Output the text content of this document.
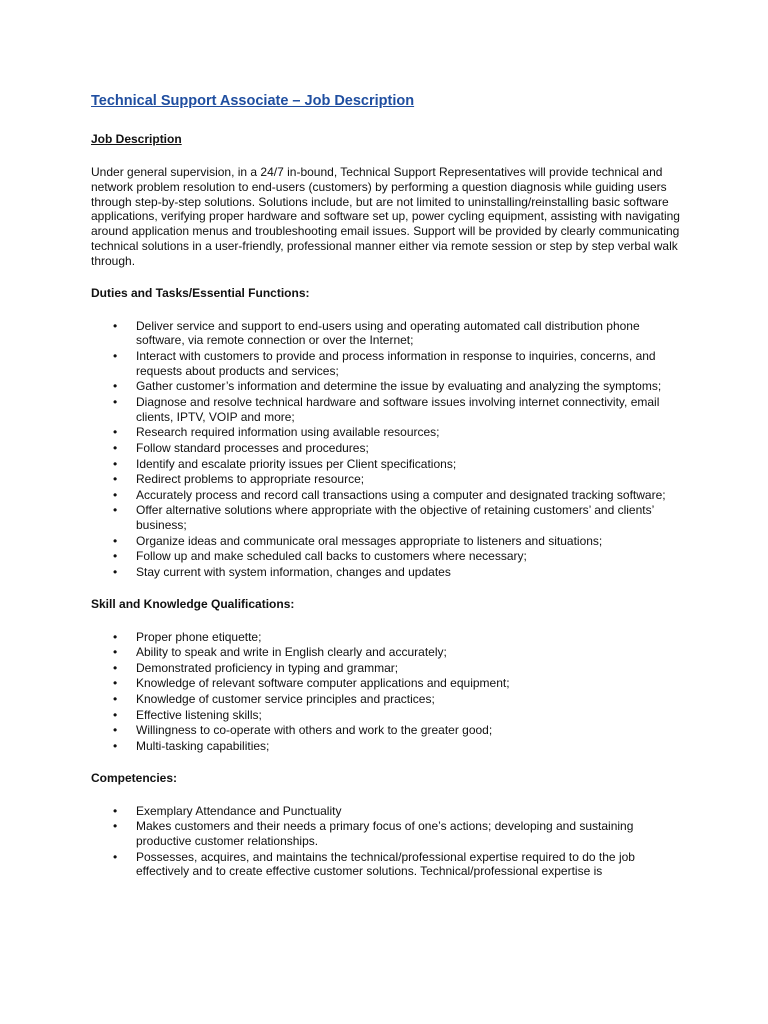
Technical Support Associate – Job Description
Job Description

Under general supervision, in a 24/7 in-bound, Technical Support Representatives will provide technical and network problem resolution to end-users (customers) by performing a question diagnosis while guiding users through step-by-step solutions. Solutions include, but are not limited to uninstalling/reinstalling basic software applications, verifying proper hardware and software set up, power cycling equipment, assisting with navigating around application menus and troubleshooting email issues. Support will be provided by clearly communicating technical solutions in a user-friendly, professional manner either via remote session or step by step verbal walk through.

Duties and Tasks/Essential Functions:
• Deliver service and support to end-users using and operating automated call distribution phone software, via remote connection or over the Internet;
• Interact with customers to provide and process information in response to inquiries, concerns, and requests about products and services;
• Gather customer’s information and determine the issue by evaluating and analyzing the symptoms;
• Diagnose and resolve technical hardware and software issues involving internet connectivity, email clients, IPTV, VOIP and more;
• Research required information using available resources;
• Follow standard processes and procedures;
• Identify and escalate priority issues per Client specifications;
• Redirect problems to appropriate resource;
• Accurately process and record call transactions using a computer and designated tracking software;
• Offer alternative solutions where appropriate with the objective of retaining customers’ and clients’ business;
• Organize ideas and communicate oral messages appropriate to listeners and situations;
• Follow up and make scheduled call backs to customers where necessary;
• Stay current with system information, changes and updates
Skill and Knowledge Qualifications:
• Proper phone etiquette;
• Ability to speak and write in English clearly and accurately;
• Demonstrated proficiency in typing and grammar;
• Knowledge of relevant software computer applications and equipment;
• Knowledge of customer service principles and practices;
• Effective listening skills;
• Willingness to co-operate with others and work to the greater good;
• Multi-tasking capabilities;
Competencies:
• Exemplary Attendance and Punctuality
• Makes customers and their needs a primary focus of one’s actions; developing and sustaining productive customer relationships.
• Possesses, acquires, and maintains the technical/professional expertise required to do the job effectively and to create effective customer solutions. Technical/professional expertise is
